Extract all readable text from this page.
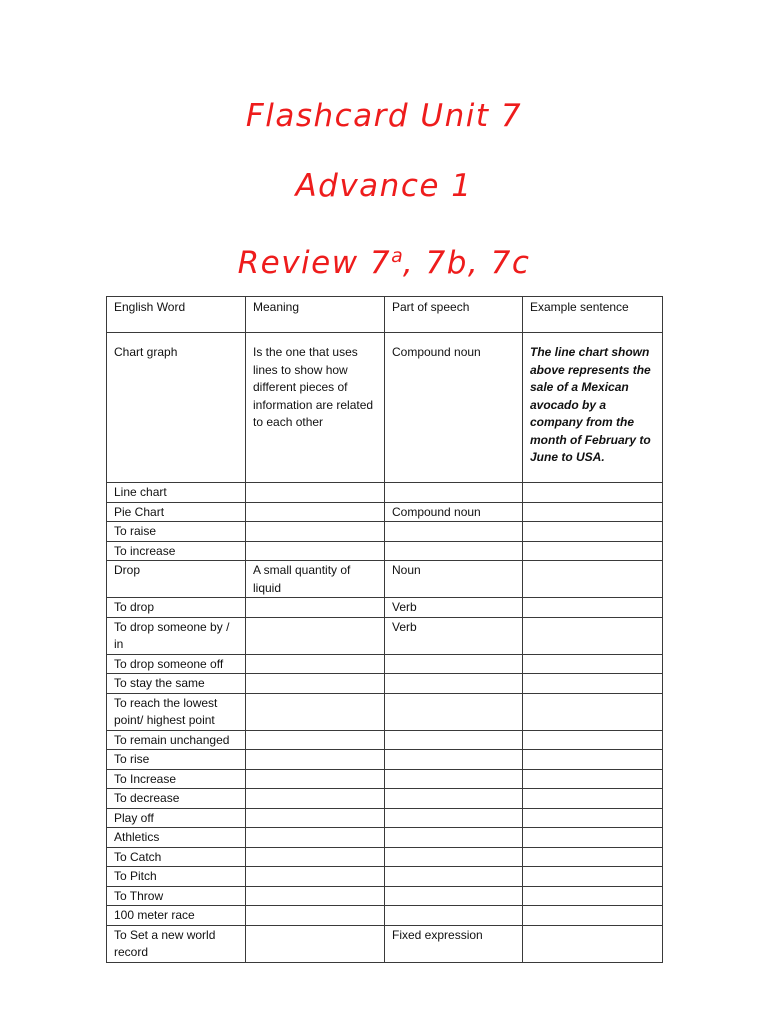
Flashcard Unit 7
Advance 1
Review 7$^a$, 7b, 7c
English Word	Meaning	Part of speech	Example sentence
Chart graph	Is the one that uses lines to show how different pieces of information are related to each other	Compound noun	The line chart shown above represents the sale of a Mexican avocado by a company from the month of February to June to USA.
Line chart			
Pie Chart		Compound noun	
To raise			
To increase			
Drop	A small quantity of liquid	Noun	
To drop		Verb	
To drop someone by / in		Verb	
To drop someone off			
To stay the same			
To reach the lowest point/ highest point			
To remain unchanged			
To rise			
To Increase			
To decrease			
Play off			
Athletics			
To Catch			
To Pitch			
To Throw			
100 meter race			
To Set a new world record		Fixed expression	
